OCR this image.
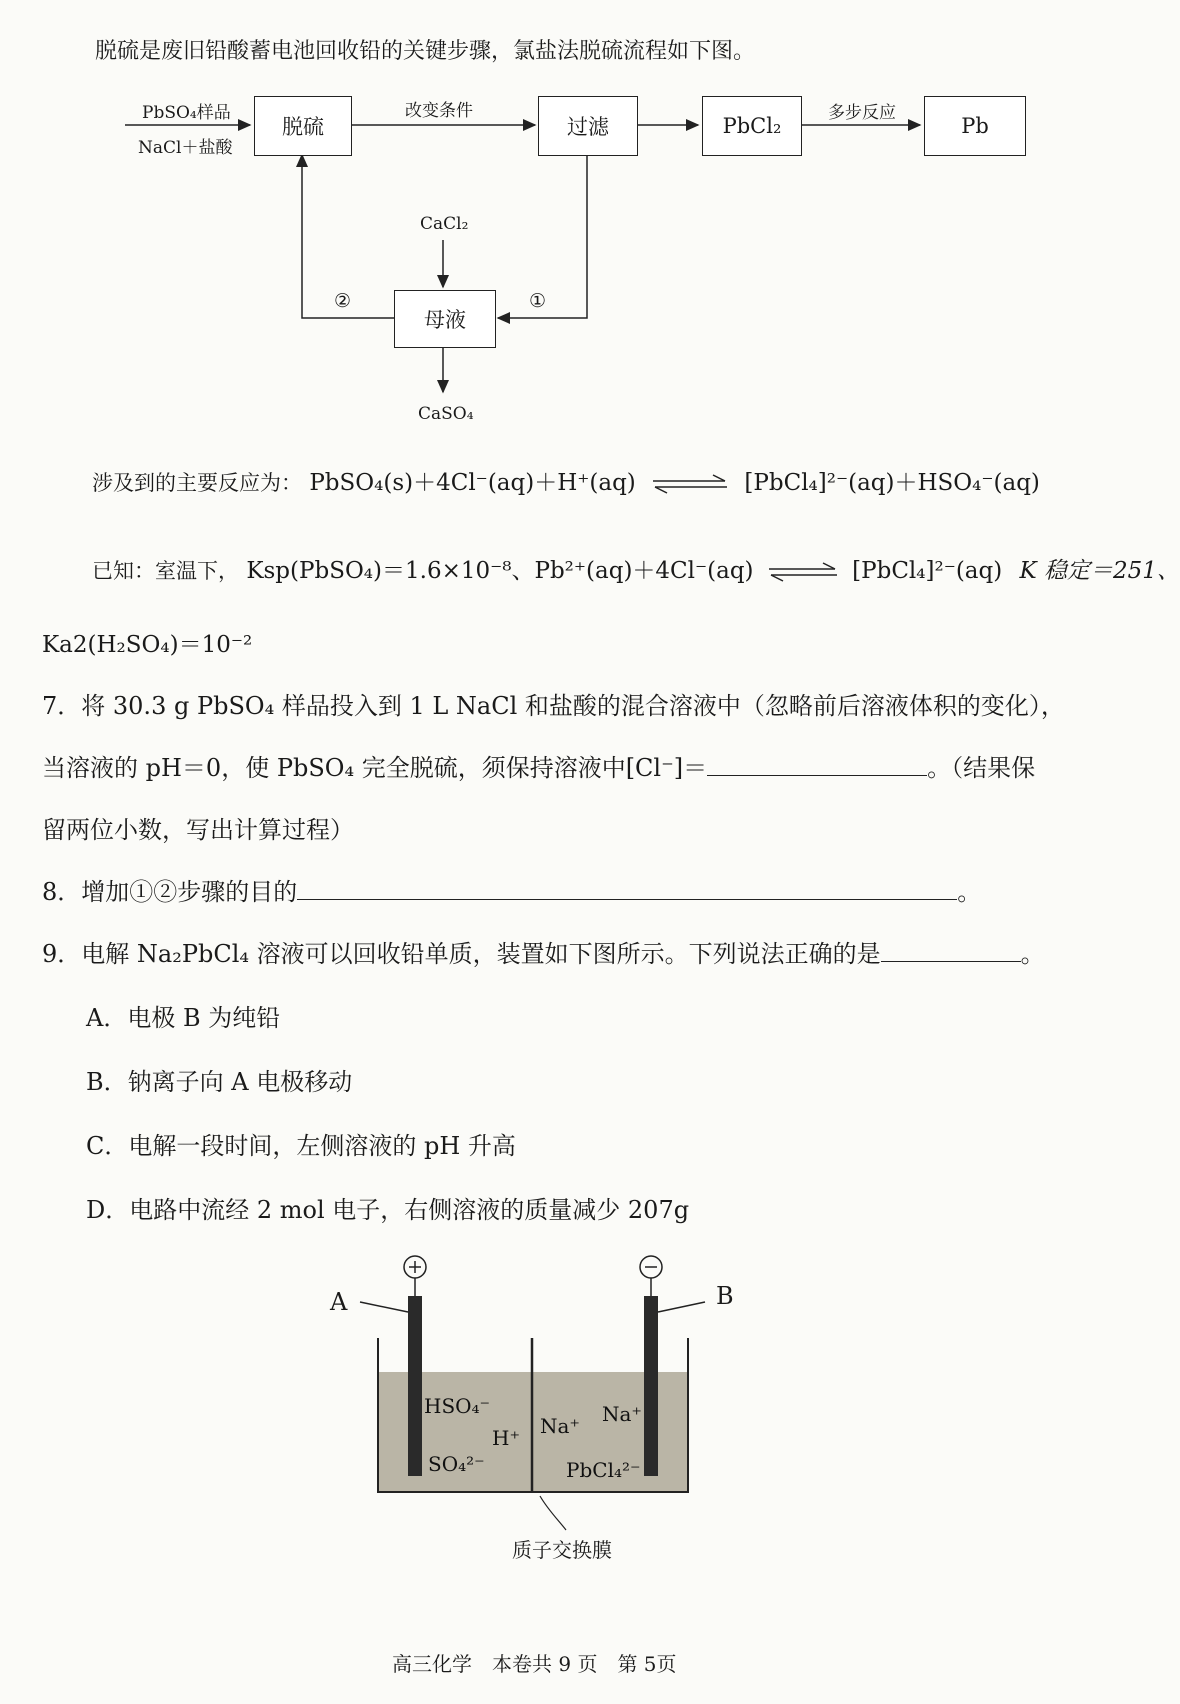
脱硫是废旧铅酸蓄电池回收铅的关键步骤，氯盐法脱硫流程如下图。
PbSO₄样品
NaCl＋盐酸
脱硫
改变条件
过滤	PbCl₂
多步反应
Pb
CaCl₂
母液
CaSO₄
①
②
涉及到的主要反应为： PbSO₄(s)＋4Cl⁻(aq)＋H⁺(aq) ⇌ [PbCl₄]²⁻(aq)＋HSO₄⁻(aq)
已知：室温下， Ksp(PbSO₄)＝1.6×10⁻⁸、Pb²⁺(aq)＋4Cl⁻(aq) ⇌ [PbCl₄]²⁻(aq) K 稳定＝251、
Ka2(H₂SO₄)＝10⁻²
7．将 30.3 g PbSO₄ 样品投入到 1 L NaCl 和盐酸的混合溶液中（忽略前后溶液体积的变化），
当溶液的 pH＝0，使 PbSO₄ 完全脱硫，须保持溶液中[Cl⁻]＝	。（结果保
留两位小数，写出计算过程）
8．增加①②步骤的目的	。
9．电解 Na₂PbCl₄ 溶液可以回收铅单质，装置如下图所示。下列说法正确的是	。
A．电极 B 为纯铅
B．钠离子向 A 电极移动
C．电解一段时间，左侧溶液的 pH 升高
D．电路中流经 2 mol 电子，右侧溶液的质量减少 207g
A	B
HSO₄⁻
SO₄²⁻
H⁺ Na⁺ Na⁺
PbCl₄²⁻
质子交换膜
高三化学　本卷共 9 页　第 5页
